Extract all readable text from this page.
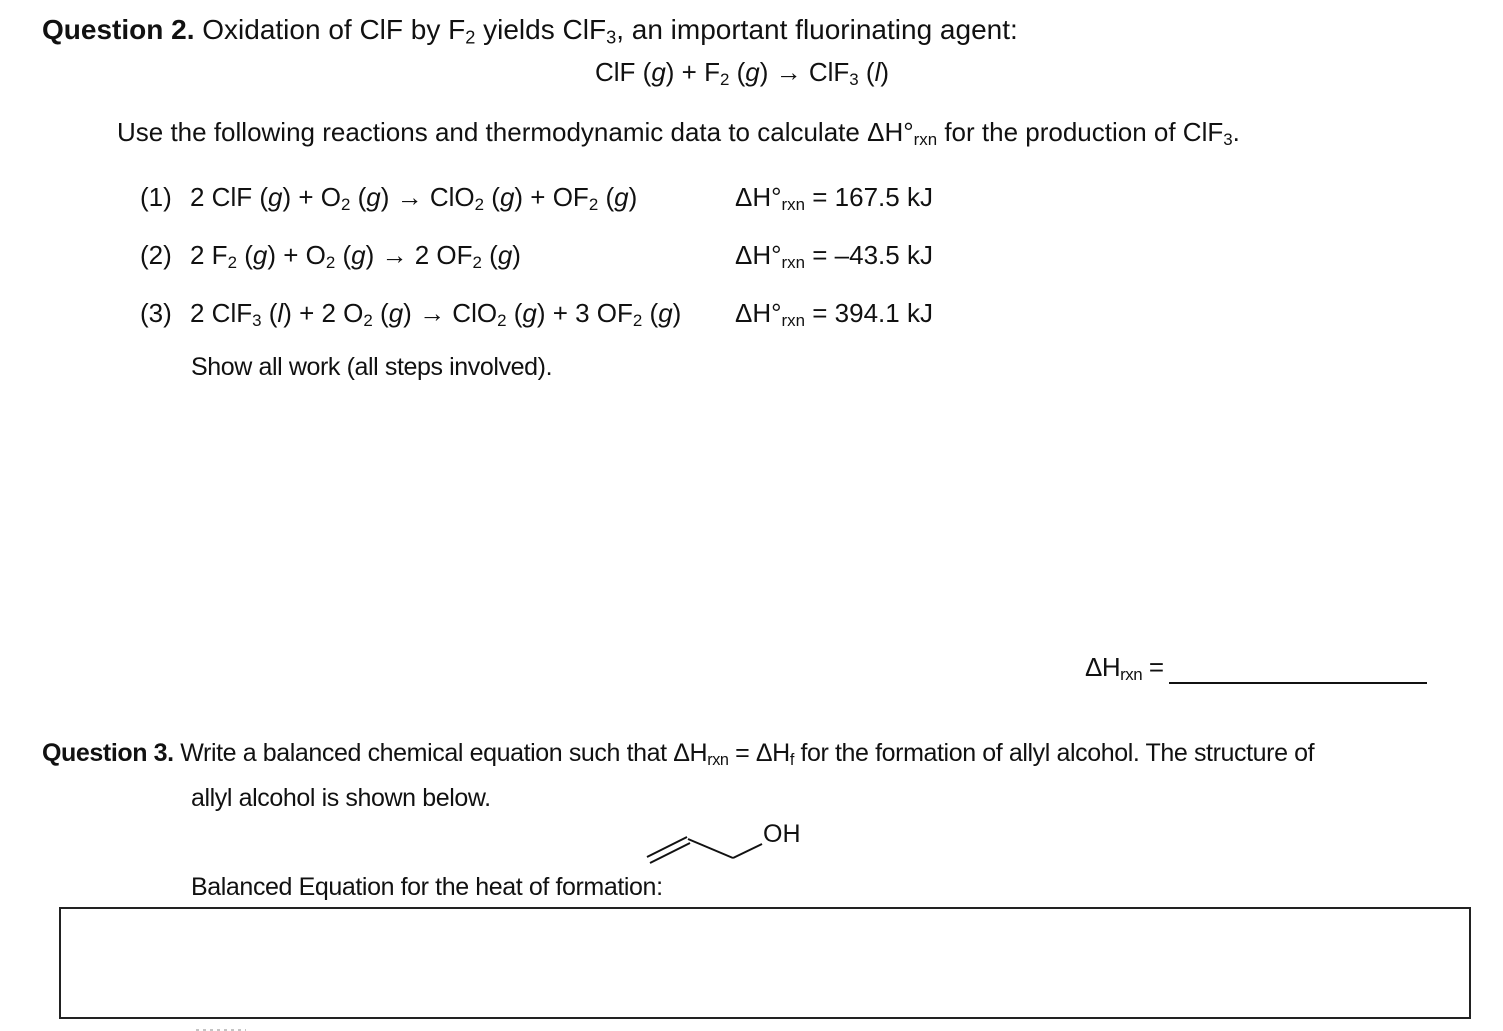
Question 2. Oxidation of ClF by $F_2$ yields ClF$_3$, an important fluorinating agent:
ClF $(g) + F_2$ (g) → ClF$_3$ (l)
Use the following reactions and thermodynamic data to calculate $\Delta H^\circ_{rxn}$ for the production of ClF$_3$.
(1) 2 ClF $(g) + O_2$ (g) → ClO$_2$ $(g) + OF_2$ (g)	$\Delta H^\circ_{rxn} = 167.5$ kJ
(2) 2 $F_2$ $(g) + O_2$ (g) → 2 $OF_2$ (g)	$\Delta H^\circ_{rxn} = -43.5$ kJ
(3) 2 ClF$_3$ (l) + 2 $O_2$ (g) → ClO$_2$ (g) + 3 $OF_2$ (g) $\Delta H^\circ_{rxn} = 394.1$ kJ
Show all work (all steps involved).
$\Delta H_{rxn}$ =
Question 3. Write a balanced chemical equation such that $\Delta H_{rxn} = \Delta H_f$ for the formation of allyl alcohol. The structure of
allyl alcohol is shown below.
OH
Balanced Equation for the heat of formation:
